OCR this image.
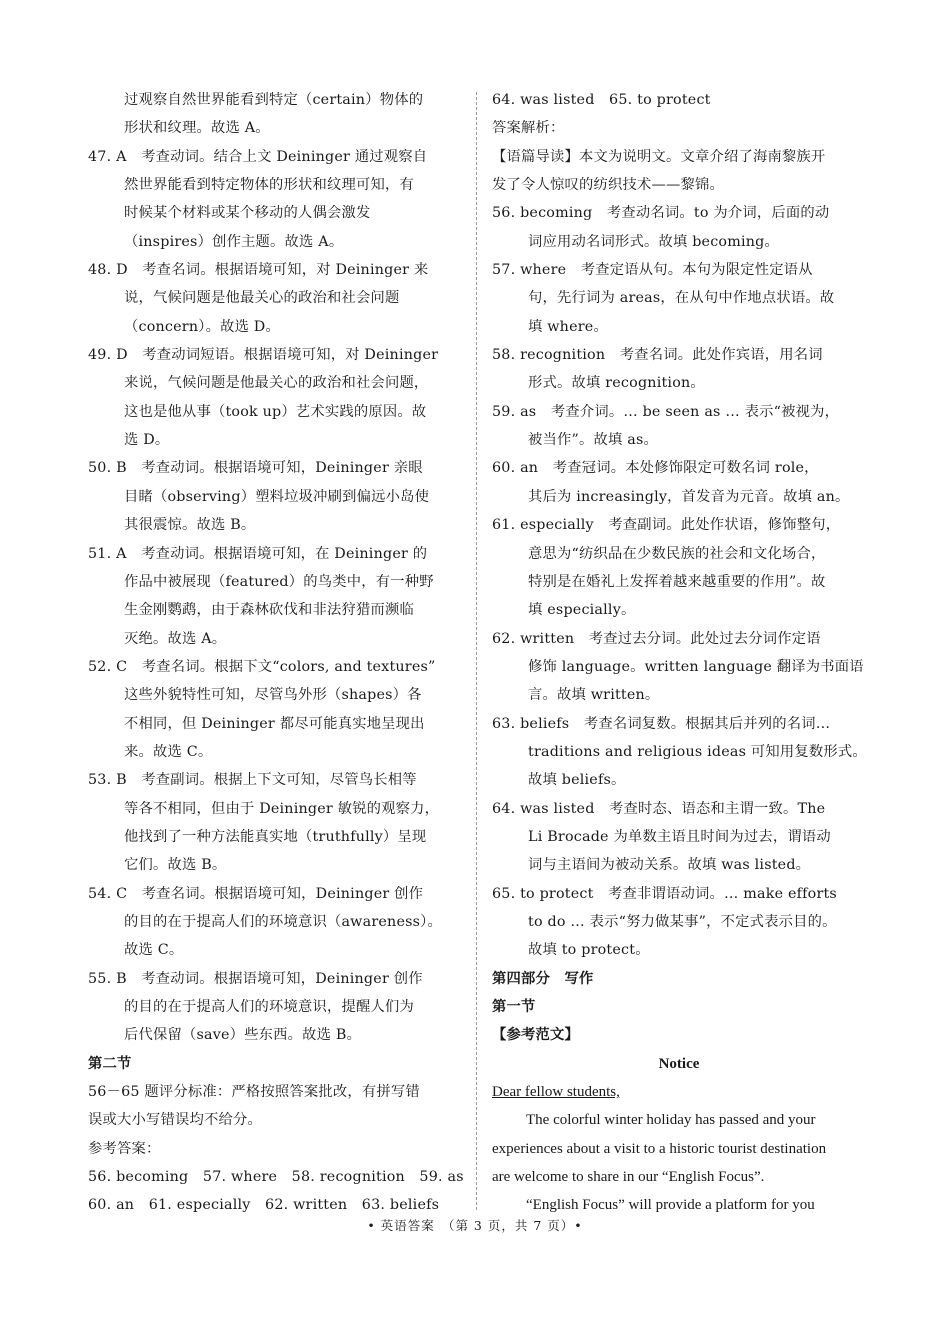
过观察自然世界能看到特定（certain）物体的
形状和纹理。故选 A。
47. A　考查动词。结合上文 Deininger 通过观察自
然世界能看到特定物体的形状和纹理可知，有
时候某个材料或某个移动的人偶会激发
（inspires）创作主题。故选 A。
48. D　考查名词。根据语境可知，对 Deininger 来
说，气候问题是他最关心的政治和社会问题
（concern）。故选 D。
49. D　考查动词短语。根据语境可知，对 Deininger
来说，气候问题是他最关心的政治和社会问题，
这也是他从事（took up）艺术实践的原因。故
选 D。
50. B　考查动词。根据语境可知，Deininger 亲眼
目睹（observing）塑料垃圾冲刷到偏远小岛使
其很震惊。故选 B。
51. A　考查动词。根据语境可知，在 Deininger 的
作品中被展现（featured）的鸟类中，有一种野
生金刚鹦鹉，由于森林砍伐和非法狩猎而濒临
灭绝。故选 A。
52. C　考查名词。根据下文“colors, and textures”
这些外貌特性可知，尽管鸟外形（shapes）各
不相同，但 Deininger 都尽可能真实地呈现出
来。故选 C。
53. B　考查副词。根据上下文可知，尽管鸟长相等
等各不相同，但由于 Deininger 敏锐的观察力，
他找到了一种方法能真实地（truthfully）呈现
它们。故选 B。
54. C　考查名词。根据语境可知，Deininger 创作
的目的在于提高人们的环境意识（awareness）。
故选 C。
55. B　考查动词。根据语境可知，Deininger 创作
的目的在于提高人们的环境意识，提醒人们为
后代保留（save）些东西。故选 B。
第二节
56－65 题评分标准：严格按照答案批改，有拼写错
误或大小写错误均不给分。
参考答案：
56. becoming　57. where　58. recognition　59. as
60. an　61. especially　62. written　63. beliefs
64. was listed　65. to protect
答案解析：
【语篇导读】本文为说明文。文章介绍了海南黎族开
发了令人惊叹的纺织技术——黎锦。
56. becoming　考查动名词。to 为介词，后面的动
词应用动名词形式。故填 becoming。
57. where　考查定语从句。本句为限定性定语从
句，先行词为 areas，在从句中作地点状语。故
填 where。
58. recognition　考查名词。此处作宾语，用名词
形式。故填 recognition。
59. as　考查介词。… be seen as … 表示“被视为，
被当作”。故填 as。
60. an　考查冠词。本处修饰限定可数名词 role，
其后为 increasingly，首发音为元音。故填 an。
61. especially　考查副词。此处作状语，修饰整句，
意思为“纺织品在少数民族的社会和文化场合，
特别是在婚礼上发挥着越来越重要的作用”。故
填 especially。
62. written　考查过去分词。此处过去分词作定语
修饰 language。written language 翻译为书面语
言。故填 written。
63. beliefs　考查名词复数。根据其后并列的名词…
traditions and religious ideas 可知用复数形式。
故填 beliefs。
64. was listed　考查时态、语态和主谓一致。The
Li Brocade 为单数主语且时间为过去，谓语动
词与主语间为被动关系。故填 was listed。
65. to protect　考查非谓语动词。… make efforts
to do … 表示“努力做某事”，不定式表示目的。
故填 to protect。
第四部分　写作
第一节
【参考范文】
Notice
Dear fellow students,
The colorful winter holiday has passed and your
experiences about a visit to a historic tourist destination
are welcome to share in our “English Focus”.
“English Focus” will provide a platform for you
• 英语答案　（第 3 页，共 7 页）•
